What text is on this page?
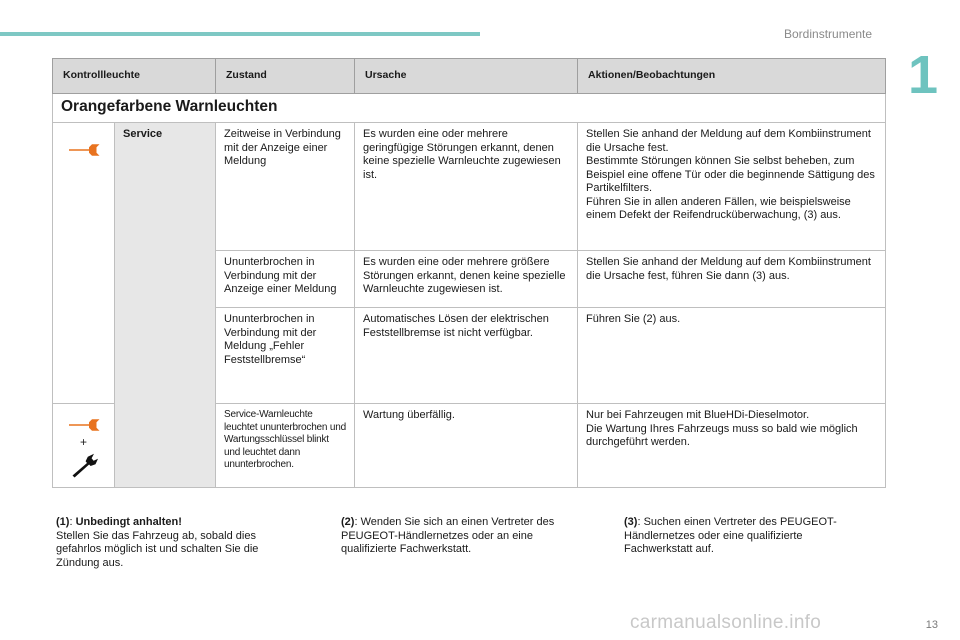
Bordinstrumente
1
Kontrollleuchte		Zustand	Ursache	Aktionen/Beobachtungen

Orangefarbene Warnleuchten				

	Service	Zeitweise in Verbindung mit der Anzeige einer Meldung	Es wurden eine oder mehrere geringfügige Störungen erkannt, denen keine spezielle Warnleuchte zugewiesen ist.	Stellen Sie anhand der Meldung auf dem Kombiinstrument die Ursache fest.
Bestimmte Störungen können Sie selbst beheben, zum Beispiel eine offene Tür oder die beginnende Sättigung des Partikelfilters.
Führen Sie in allen anderen Fällen, wie beispielsweise einem Defekt der Reifendrucküberwachung, (3) aus.
		Ununterbrochen in Verbindung mit der Anzeige einer Meldung	Es wurden eine oder mehrere größere Störungen erkannt, denen keine spezielle Warnleuchte zugewiesen ist.	Stellen Sie anhand der Meldung auf dem Kombiinstrument die Ursache fest, führen Sie dann (3) aus.
		Ununterbrochen in Verbindung mit der Meldung „Fehler Feststellbremse“	Automatisches Lösen der elektrischen Feststellbremse ist nicht verfügbar.	Führen Sie (2) aus.

+		Service-Warnleuchte leuchtet ununterbrochen und Wartungsschlüssel blinkt und leuchtet dann ununterbrochen.	Wartung überfällig.	Nur bei Fahrzeugen mit BlueHDi-Dieselmotor.
Die Wartung Ihres Fahrzeugs muss so bald wie möglich durchgeführt werden.
(1): Unbedingt anhalten!
Stellen Sie das Fahrzeug ab, sobald dies gefahrlos möglich ist und schalten Sie die Zündung aus.
(2): Wenden Sie sich an einen Vertreter des PEUGEOT-Händlernetzes oder an eine qualifizierte Fachwerkstatt.
(3): Suchen einen Vertreter des PEUGEOT-Händlernetzes oder eine qualifizierte Fachwerkstatt auf.
carmanualsonline.info	13
